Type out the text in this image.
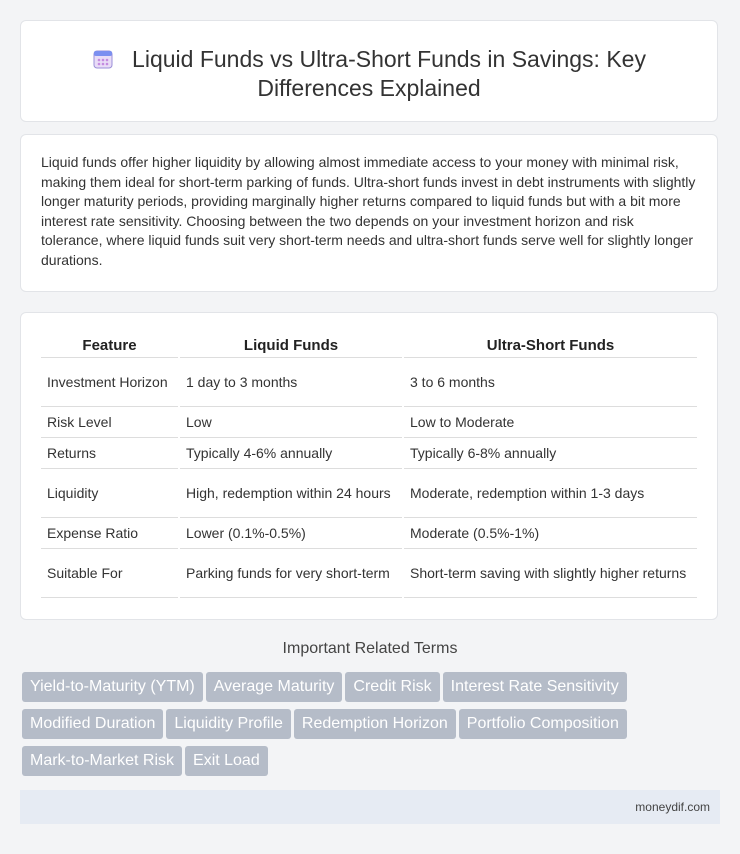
Liquid Funds vs Ultra-Short Funds in Savings: Key
Differences Explained

Liquid funds offer higher liquidity by allowing almost immediate access to your money with minimal risk, making them ideal for short-term parking of funds. Ultra-short funds invest in debt instruments with slightly longer maturity periods, providing marginally higher returns compared to liquid funds but with a bit more interest rate sensitivity. Choosing between the two depends on your investment horizon and risk tolerance, where liquid funds suit very short-term needs and ultra-short funds serve well for slightly longer durations.

Feature	Liquid Funds	Ultra-Short Funds
Investment Horizon	1 day to 3 months	3 to 6 months
Risk Level	Low	Low to Moderate
Returns	Typically 4-6% annually	Typically 6-8% annually
Liquidity	High, redemption within 24 hours	Moderate, redemption within 1-3 days
Expense Ratio	Lower (0.1%-0.5%)	Moderate (0.5%-1%)
Suitable For	Parking funds for very short-term	Short-term saving with slightly higher returns
Important Related Terms
Yield-to-Maturity (YTM) Average Maturity Credit Risk Interest Rate Sensitivity
Modified Duration Liquidity Profile Redemption Horizon Portfolio Composition
Mark-to-Market Risk Exit Load
moneydif.com
